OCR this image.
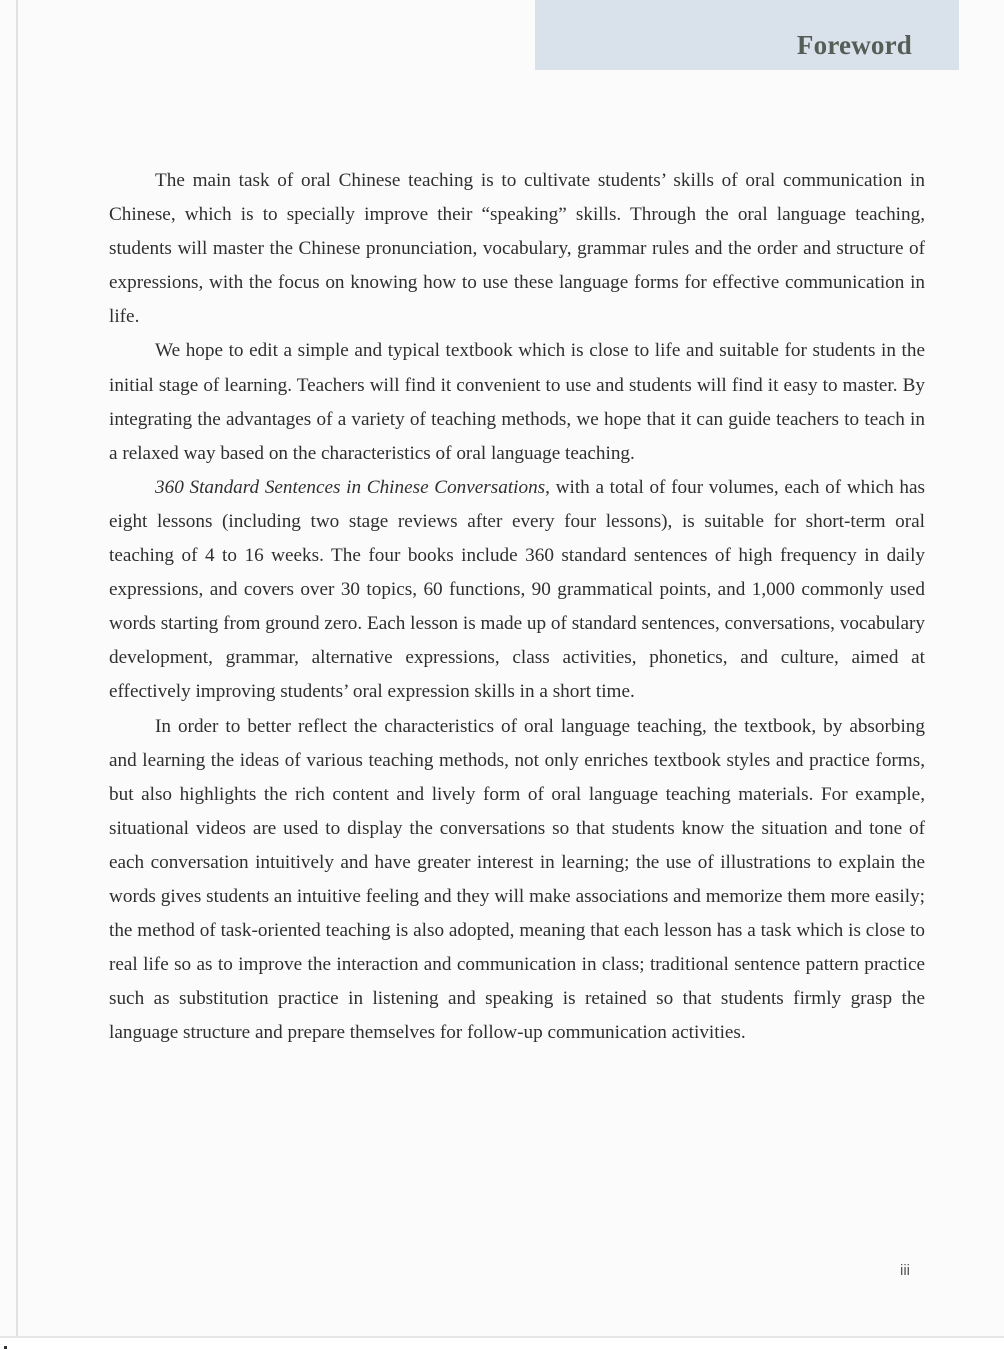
Foreword

The main task of oral Chinese teaching is to cultivate students’ skills of oral communication in Chinese, which is to specially improve their “speaking” skills. Through the oral language teaching, students will master the Chinese pronunciation, vocabulary, grammar rules and the order and structure of expressions, with the focus on knowing how to use these language forms for effective communication in life.

We hope to edit a simple and typical textbook which is close to life and suitable for students in the initial stage of learning. Teachers will find it convenient to use and students will find it easy to master. By integrating the advantages of a variety of teaching methods, we hope that it can guide teachers to teach in a relaxed way based on the characteristics of oral language teaching.

360 Standard Sentences in Chinese Conversations, with a total of four volumes, each of which has eight lessons (including two stage reviews after every four lessons), is suitable for short-term oral teaching of 4 to 16 weeks. The four books include 360 standard sentences of high frequency in daily expressions, and covers over 30 topics, 60 functions, 90 grammatical points, and 1,000 commonly used words starting from ground zero. Each lesson is made up of standard sentences, conversations, vocabulary development, grammar, alternative expressions, class activities, phonetics, and culture, aimed at effectively improving students’ oral expression skills in a short time.

In order to better reflect the characteristics of oral language teaching, the textbook, by absorbing and learning the ideas of various teaching methods, not only enriches textbook styles and practice forms, but also highlights the rich content and lively form of oral language teaching materials. For example, situational videos are used to display the conversations so that students know the situation and tone of each conversation intuitively and have greater interest in learning; the use of illustrations to explain the words gives students an intuitive feeling and they will make associations and memorize them more easily; the method of task-oriented teaching is also adopted, meaning that each lesson has a task which is close to real life so as to improve the interaction and communication in class; traditional sentence pattern practice such as substitution practice in listening and speaking is retained so that students firmly grasp the language structure and prepare themselves for follow-up communication activities.

iii
